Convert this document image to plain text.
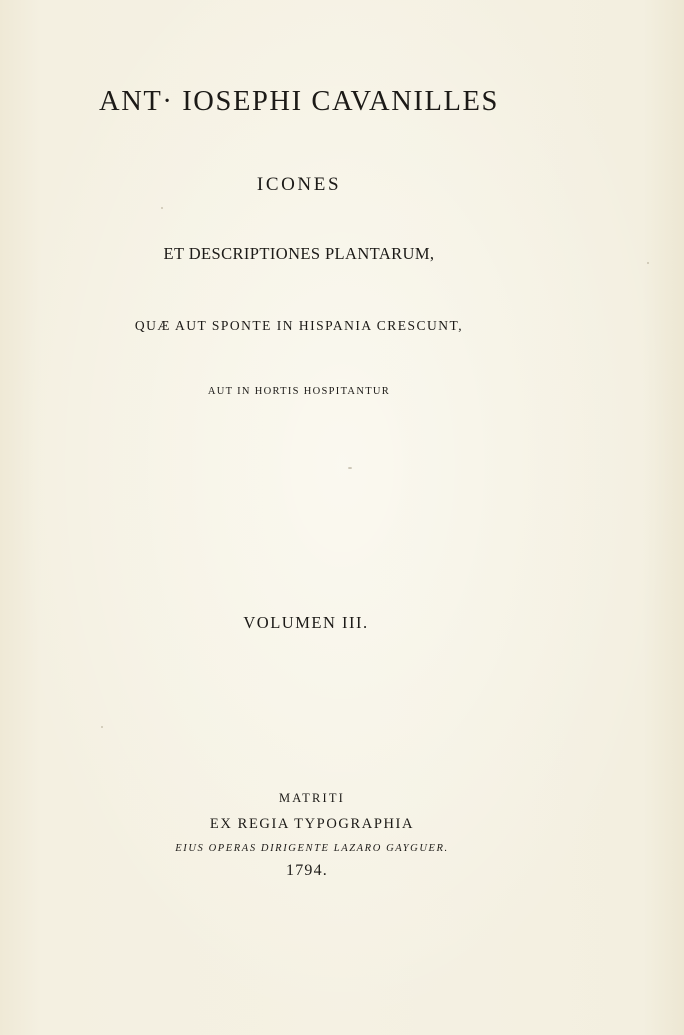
ANT· IOSEPHI CAVANILLES

ICONES

ET DESCRIPTIONES PLANTARUM,

QUÆ AUT SPONTE IN HISPANIA CRESCUNT,

AUT IN HORTIS HOSPITANTUR

VOLUMEN III.

MATRITI

EX REGIA TYPOGRAPHIA

EIUS OPERAS DIRIGENTE LAZARO GAYGUER.

1794.
